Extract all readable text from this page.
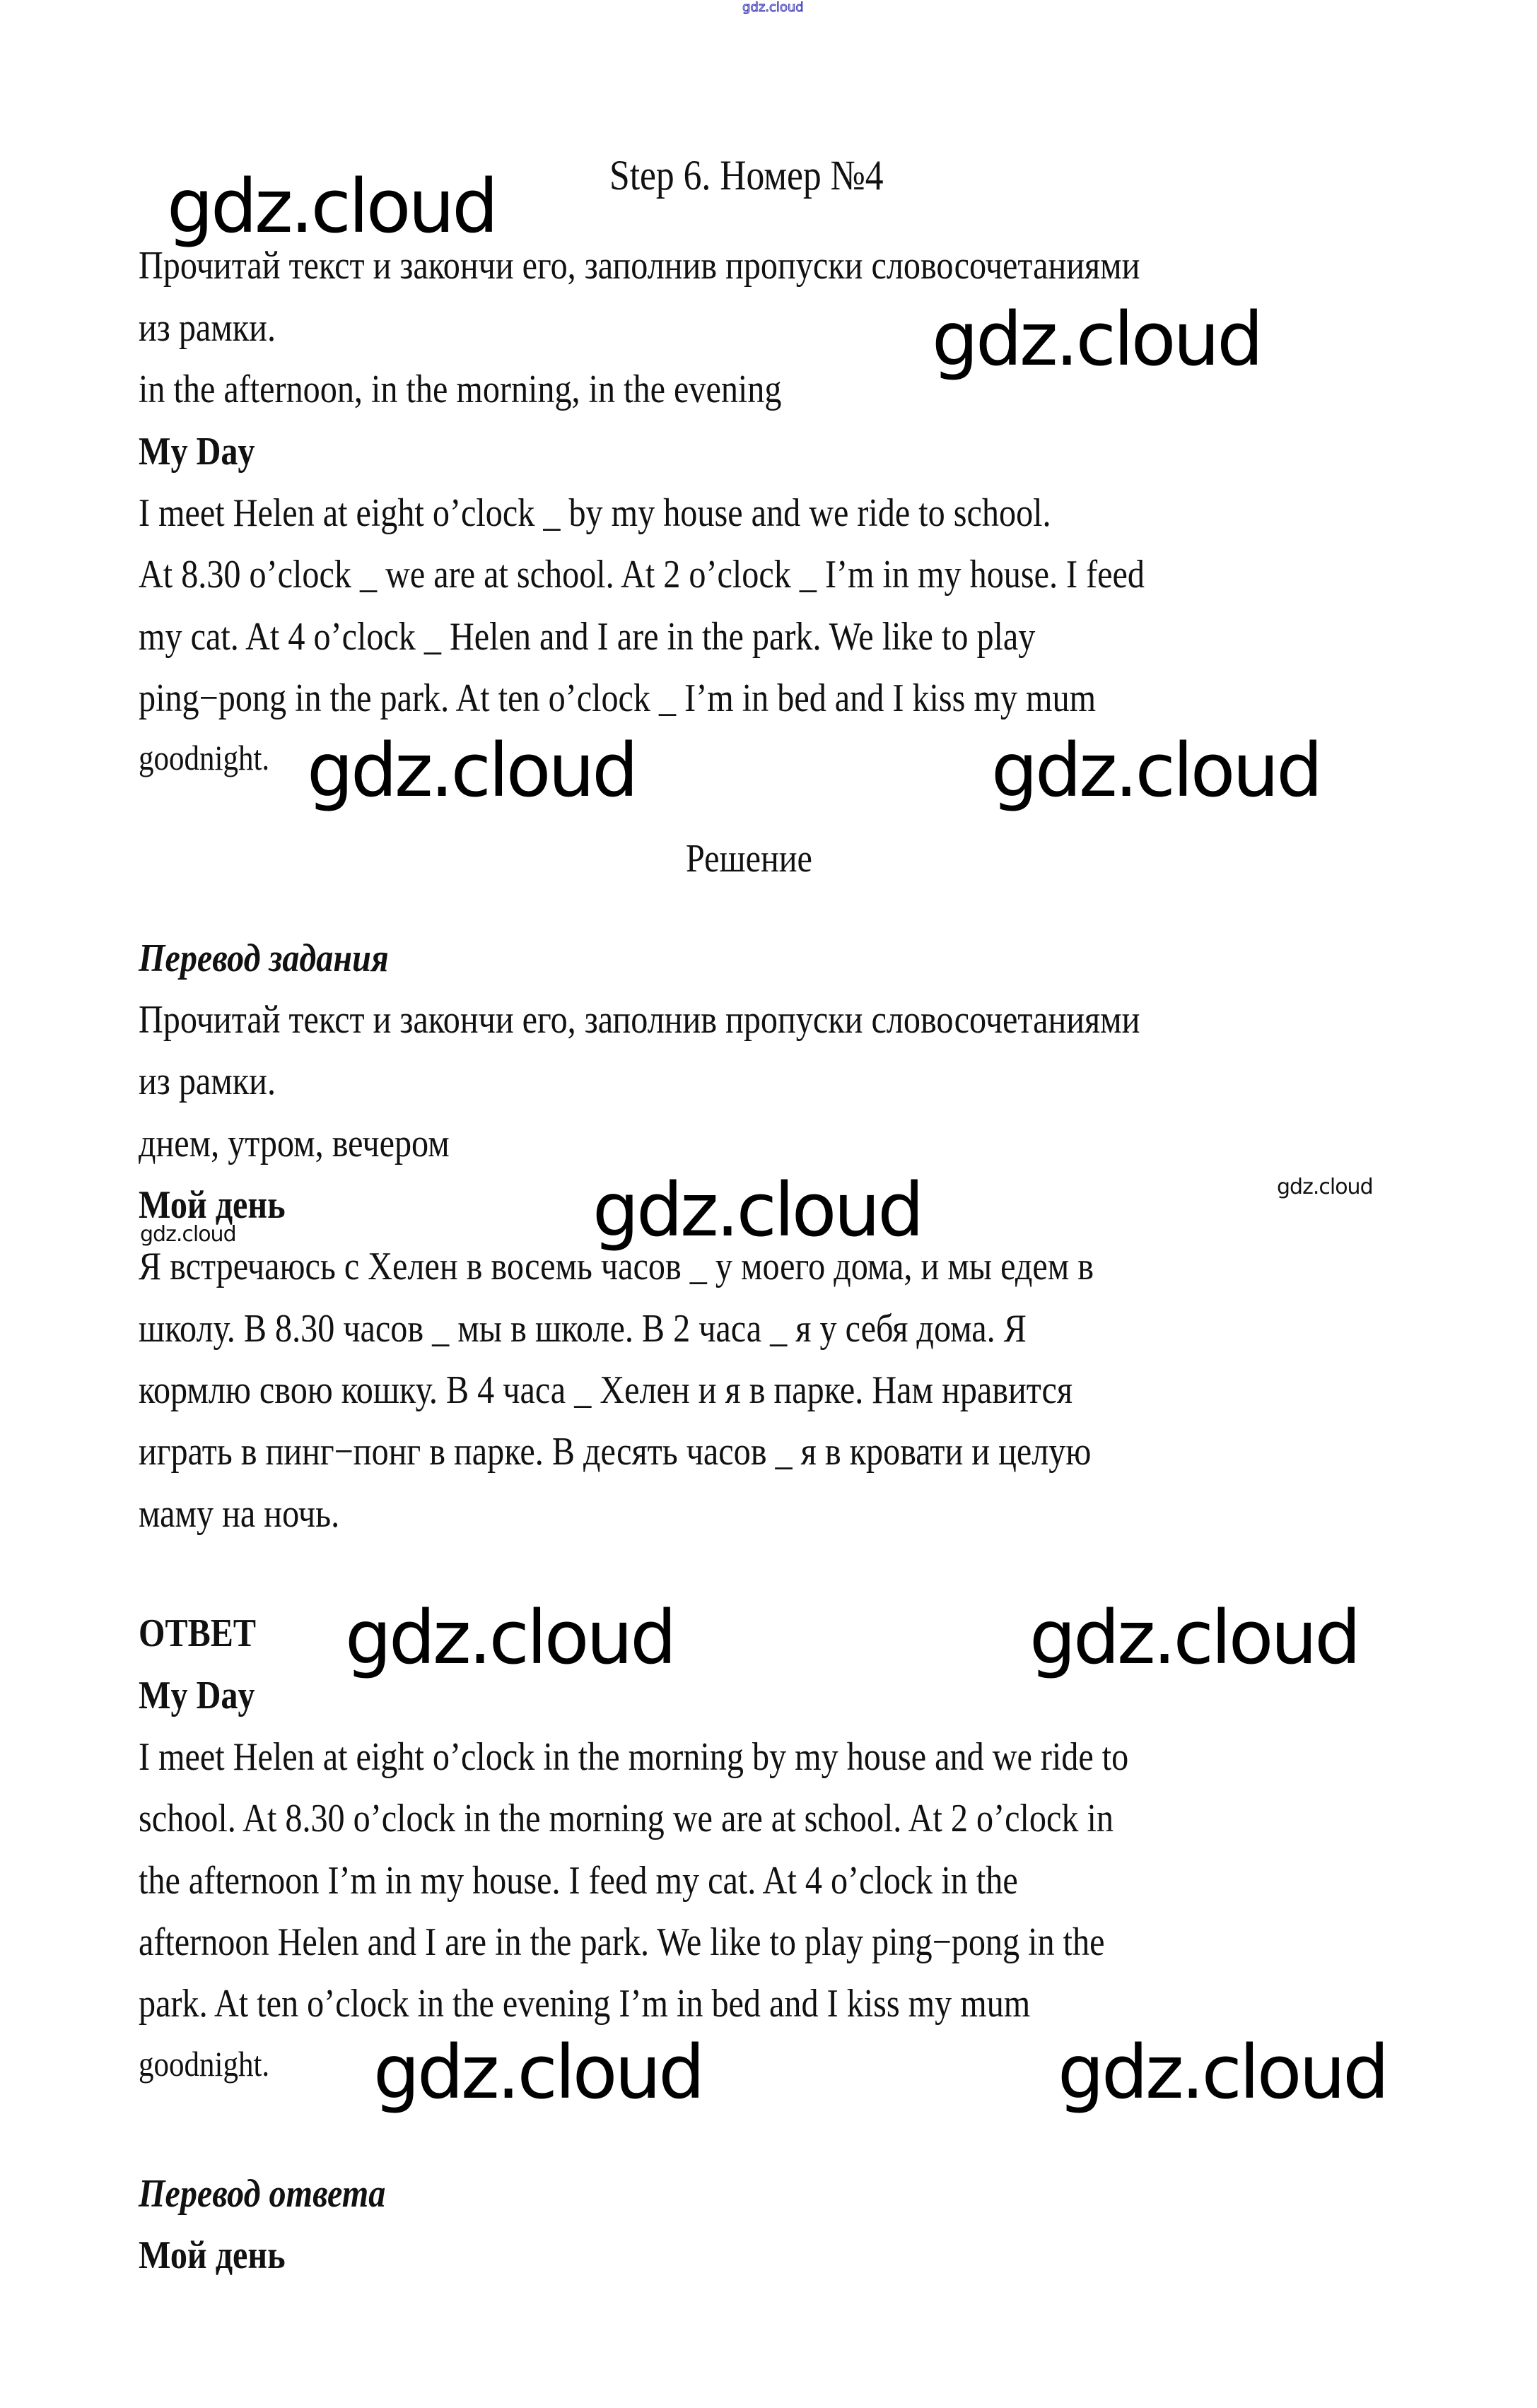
gdz.cloud
Step 6. Номер №4
Прочитай текст и закончи его, заполнив пропуски словосочетаниями
из рамки.
in the afternoon, in the morning, in the evening
My Day
I meet Helen at eight o’clock _ by my house and we ride to school.
At 8.30 o’clock _ we are at school. At 2 o’clock _ I’m in my house. I feed
my cat. At 4 o’clock _ Helen and I are in the park. We like to play
ping−pong in the park. At ten o’clock _ I’m in bed and I kiss my mum
goodnight.
Решение
Перевод задания
Прочитай текст и закончи его, заполнив пропуски словосочетаниями
из рамки.
днем, утром, вечером
Мой день
Я встречаюсь с Хелен в восемь часов _ у моего дома, и мы едем в
школу. В 8.30 часов _ мы в школе. В 2 часа _ я у себя дома. Я
кормлю свою кошку. В 4 часа _ Хелен и я в парке. Нам нравится
играть в пинг−понг в парке. В десять часов _ я в кровати и целую
маму на ночь.
ОТВЕТ
My Day
I meet Helen at eight o’clock in the morning by my house and we ride to
school. At 8.30 o’clock in the morning we are at school. At 2 o’clock in
the afternoon I’m in my house. I feed my cat. At 4 o’clock in the
afternoon Helen and I are in the park. We like to play ping−pong in the
park. At ten o’clock in the evening I’m in bed and I kiss my mum
goodnight.
Перевод ответа
Мой день
gdz.cloud
gdz.cloud
gdz.cloud	gdz.cloud
gdz.cloud	gdz.cloud
gdz.cloud
gdz.cloud	gdz.cloud
gdz.cloud	gdz.cloud
